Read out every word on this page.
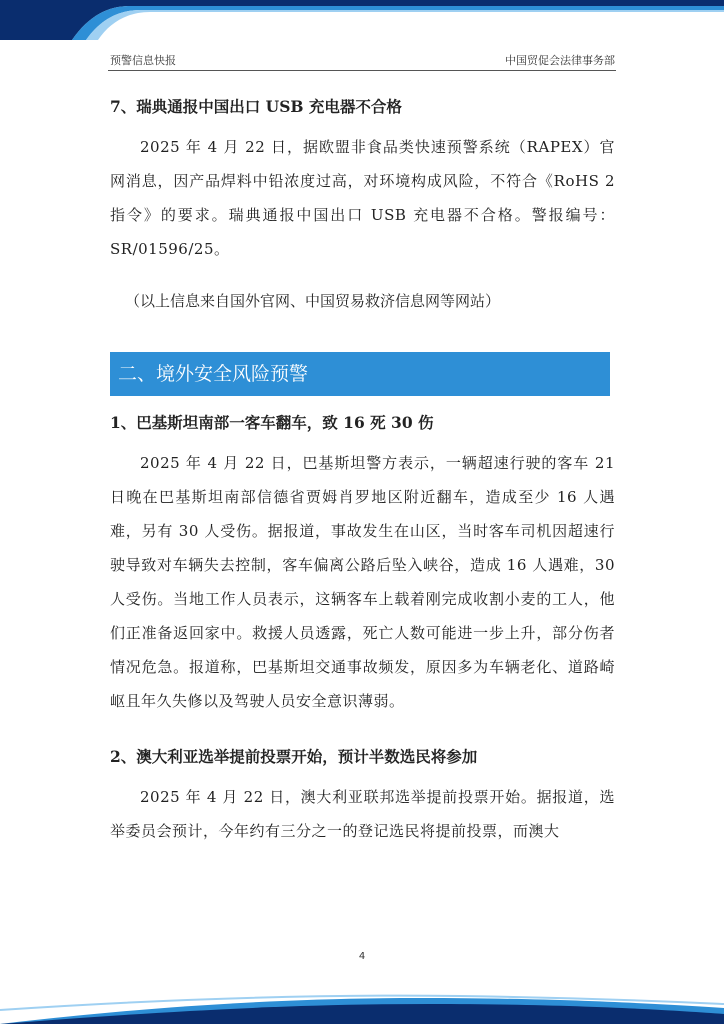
预警信息快报	中国贸促会法律事务部

7、瑞典通报中国出口 USB 充电器不合格

2025 年 4 月 22 日，据欧盟非食品类快速预警系统（RAPEX）官网消息，因产品焊料中铅浓度过高，对环境构成风险，不符合《RoHS 2 指令》的要求。瑞典通报中国出口 USB 充电器不合格。警报编号：SR/01596/25。

（以上信息来自国外官网、中国贸易救济信息网等网站）

二、境外安全风险预警

1、巴基斯坦南部一客车翻车，致 16 死 30 伤

2025 年 4 月 22 日，巴基斯坦警方表示，一辆超速行驶的客车 21 日晚在巴基斯坦南部信德省贾姆肖罗地区附近翻车，造成至少 16 人遇难，另有 30 人受伤。据报道，事故发生在山区，当时客车司机因超速行驶导致对车辆失去控制，客车偏离公路后坠入峡谷，造成 16 人遇难，30 人受伤。当地工作人员表示，这辆客车上载着刚完成收割小麦的工人，他们正准备返回家中。救援人员透露，死亡人数可能进一步上升，部分伤者情况危急。报道称，巴基斯坦交通事故频发，原因多为车辆老化、道路崎岖且年久失修以及驾驶人员安全意识薄弱。

2、澳大利亚选举提前投票开始，预计半数选民将参加

2025 年 4 月 22 日，澳大利亚联邦选举提前投票开始。据报道，选举委员会预计，今年约有三分之一的登记选民将提前投票，而澳大

4
